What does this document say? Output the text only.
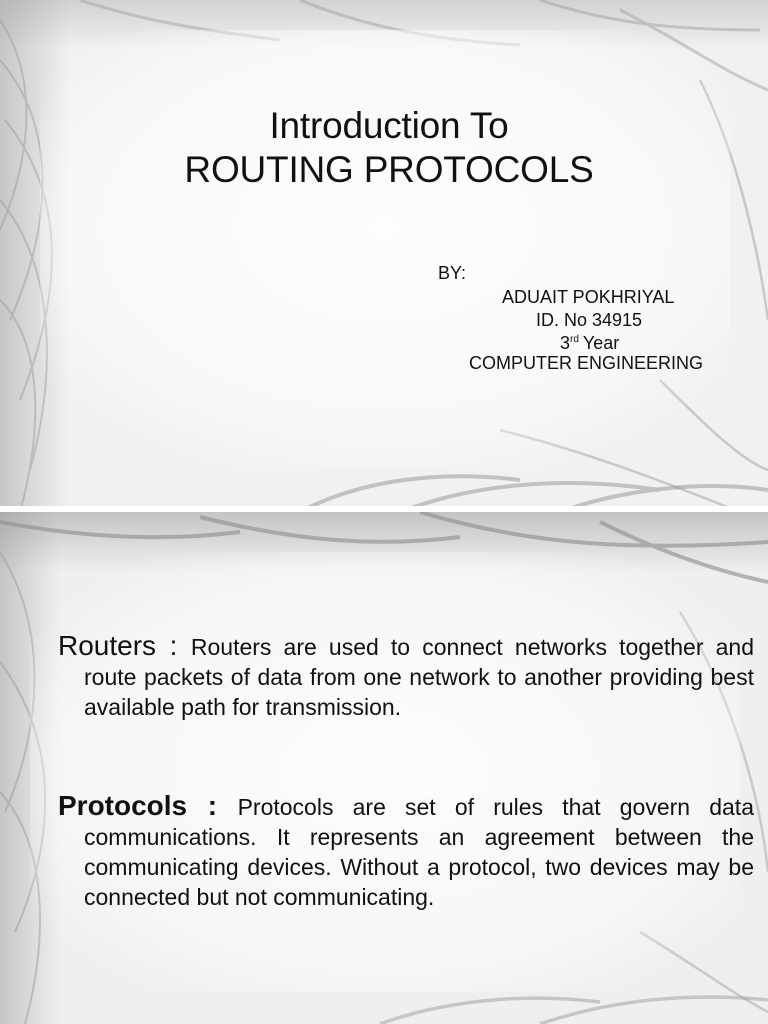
Introduction To
ROUTING PROTOCOLS
BY:
ADUAIT POKHRIYAL
ID. No 34915
3rd Year
COMPUTER ENGINEERING

Routers : Routers are used to connect networks together and route packets of data from one network to another providing best available path for transmission.

Protocols : Protocols are set of rules that govern data communications. It represents an agreement between the communicating devices. Without a protocol, two devices may be connected but not communicating.
